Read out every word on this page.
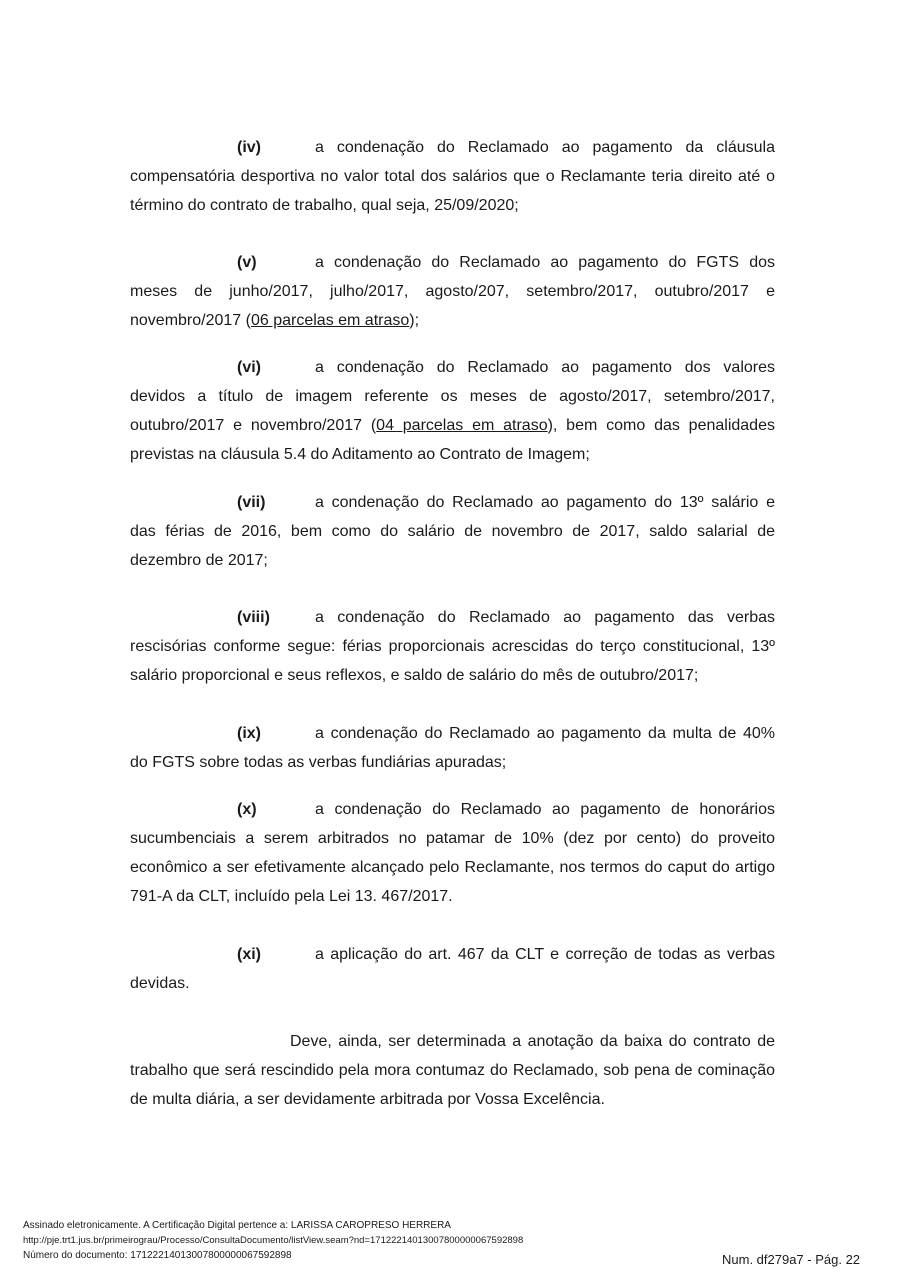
(iv)	a condenação do Reclamado ao pagamento da cláusula compensatória desportiva no valor total dos salários que o Reclamante teria direito até o término do contrato de trabalho, qual seja, 25/09/2020;
(v)	a condenação do Reclamado ao pagamento do FGTS dos meses de junho/2017, julho/2017, agosto/207, setembro/2017, outubro/2017 e novembro/2017 (06 parcelas em atraso);
(vi)	a condenação do Reclamado ao pagamento dos valores devidos a título de imagem referente os meses de agosto/2017, setembro/2017, outubro/2017 e novembro/2017 (04 parcelas em atraso), bem como das penalidades previstas na cláusula 5.4 do Aditamento ao Contrato de Imagem;
(vii)	a condenação do Reclamado ao pagamento do 13º salário e das férias de 2016, bem como do salário de novembro de 2017, saldo salarial de dezembro de 2017;
(viii)	a condenação do Reclamado ao pagamento das verbas rescisórias conforme segue: férias proporcionais acrescidas do terço constitucional, 13º salário proporcional e seus reflexos, e saldo de salário do mês de outubro/2017;
(ix)	a condenação do Reclamado ao pagamento da multa de 40% do FGTS sobre todas as verbas fundiárias apuradas;
(x)	a condenação do Reclamado ao pagamento de honorários sucumbenciais a serem arbitrados no patamar de 10% (dez por cento) do proveito econômico a ser efetivamente alcançado pelo Reclamante, nos termos do caput do artigo 791-A da CLT, incluído pela Lei 13. 467/2017.
(xi)	a aplicação do art. 467 da CLT e correção de todas as verbas devidas.
Deve, ainda, ser determinada a anotação da baixa do contrato de trabalho que será rescindido pela mora contumaz do Reclamado, sob pena de cominação de multa diária, a ser devidamente arbitrada por Vossa Excelência.
Assinado eletronicamente. A Certificação Digital pertence a: LARISSA CAROPRESO HERRERA
http://pje.trt1.jus.br/primeirograu/Processo/ConsultaDocumento/listView.seam?nd=17122214013007800000067592898
Número do documento: 17122214013007800000067592898	Num. df279a7 - Pág. 22
